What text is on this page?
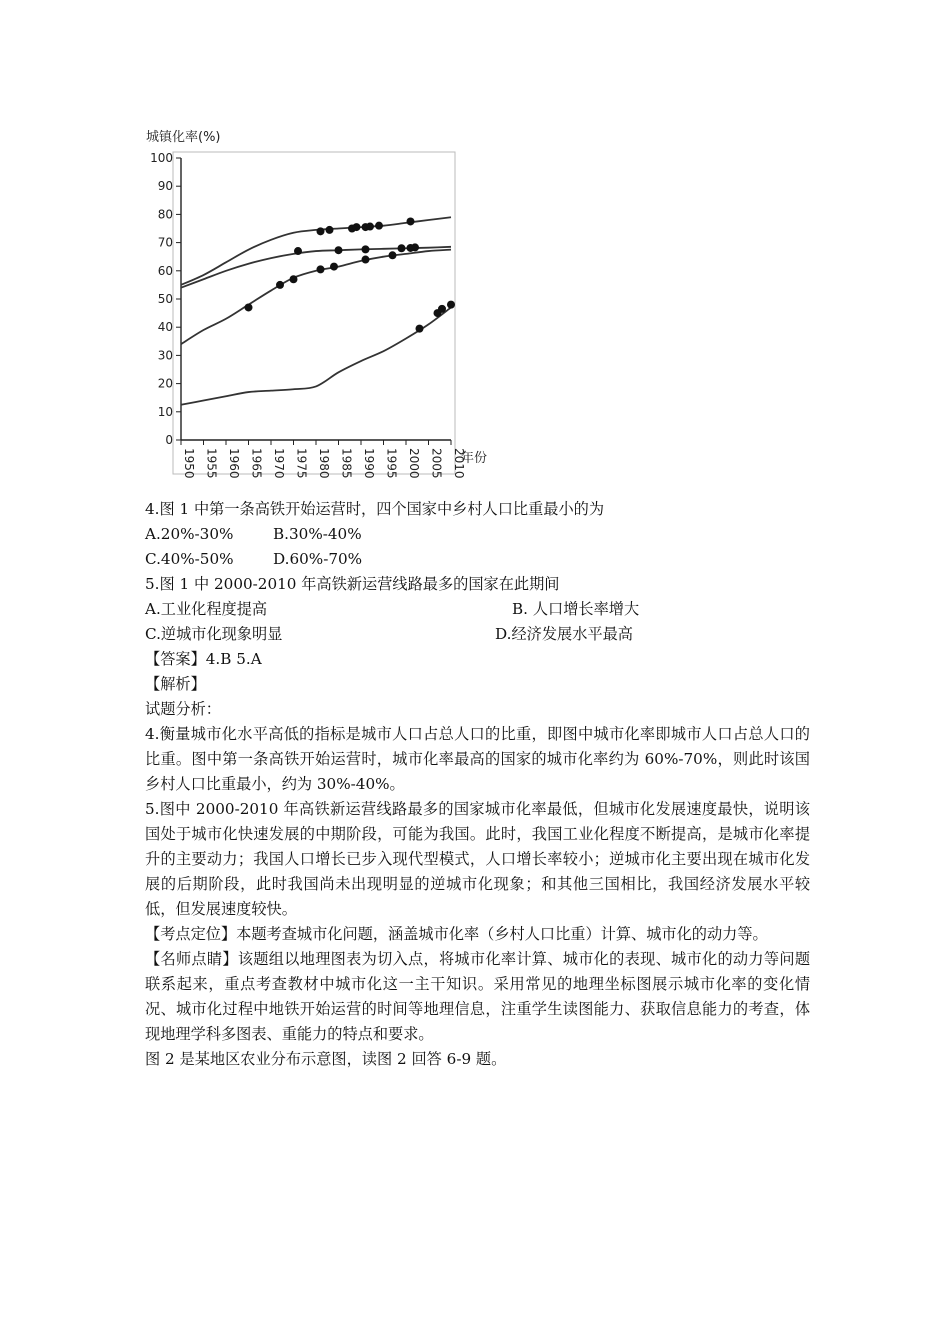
城镇化率(%)
0
10
20
30
40
50
60
70
80
90
100
1950 1955 1960 1965 1970 1975 1980 1985 1990 1995 2000 2005 2010
年份
4.图 1 中第一条高铁开始运营时，四个国家中乡村人口比重最小的为
A.20%-30%	B.30%-40%
C.40%-50%	D.60%-70%
5.图 1 中 2000-2010 年高铁新运营线路最多的国家在此期间
A.工业化程度提高	B. 人口增长率增大
C.逆城市化现象明显	D.经济发展水平最高
【答案】4.B 5.A
【解析】
试题分析：
4.衡量城市化水平高低的指标是城市人口占总人口的比重，即图中城市化率即城市人口占总人口的比重。图中第一条高铁开始运营时，城市化率最高的国家的城市化率约为 60%-70%，则此时该国乡村人口比重最小，约为 30%-40%。
5.图中 2000-2010 年高铁新运营线路最多的国家城市化率最低，但城市化发展速度最快，说明该国处于城市化快速发展的中期阶段，可能为我国。此时，我国工业化程度不断提高，是城市化率提升的主要动力；我国人口增长已步入现代型模式，人口增长率较小；逆城市化主要出现在城市化发展的后期阶段，此时我国尚未出现明显的逆城市化现象；和其他三国相比，我国经济发展水平较低，但发展速度较快。
【考点定位】本题考查城市化问题，涵盖城市化率（乡村人口比重）计算、城市化的动力等。
【名师点睛】该题组以地理图表为切入点，将城市化率计算、城市化的表现、城市化的动力等问题联系起来，重点考查教材中城市化这一主干知识。采用常见的地理坐标图展示城市化率的变化情况、城市化过程中地铁开始运营的时间等地理信息，注重学生读图能力、获取信息能力的考查，体现地理学科多图表、重能力的特点和要求。
图 2 是某地区农业分布示意图，读图 2 回答 6-9 题。
